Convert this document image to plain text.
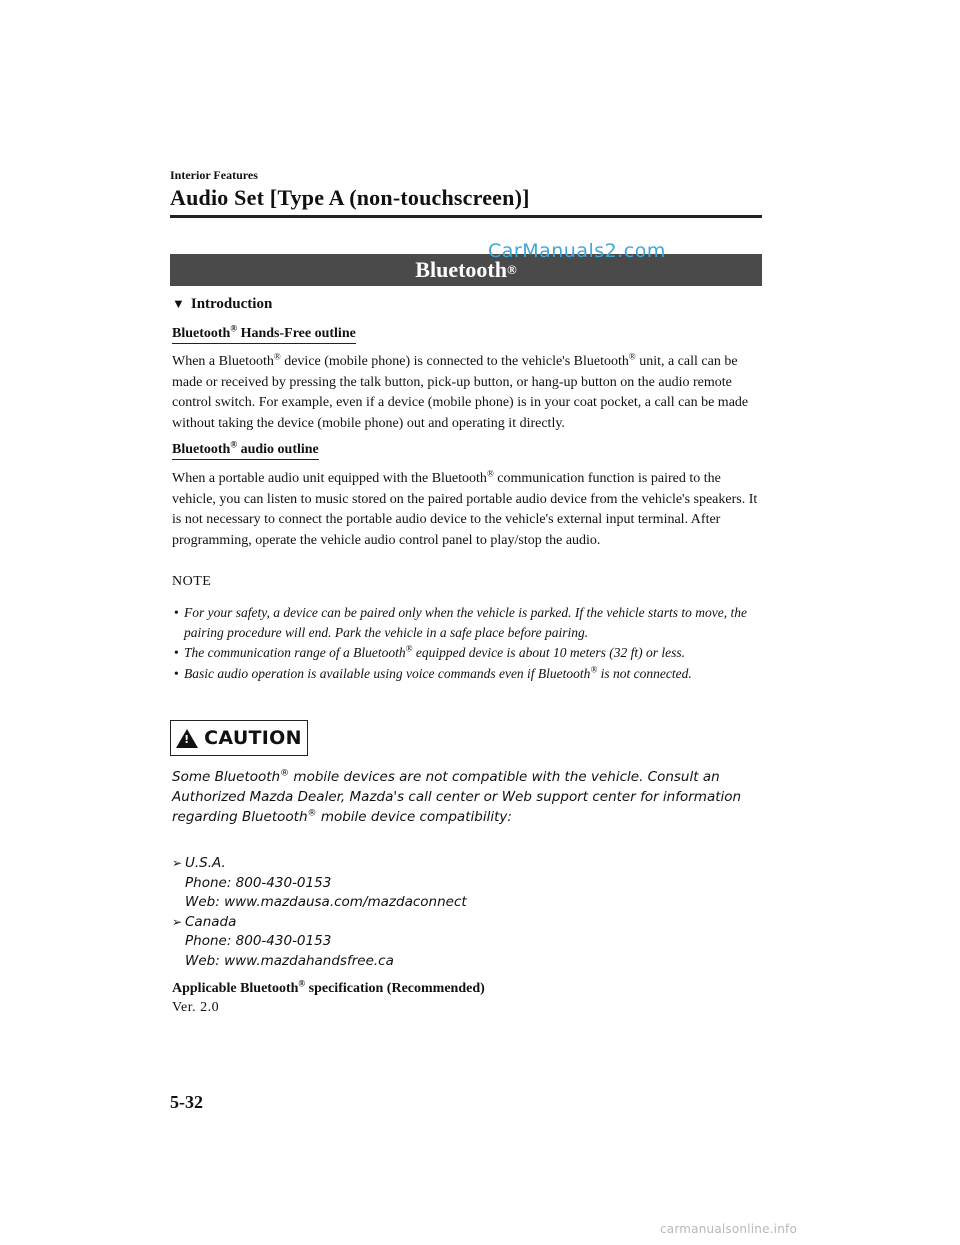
Interior Features
Audio Set [Type A (non-touchscreen)]
Bluetooth ®
CarManuals2.com
▼ Introduction
Bluetooth® Hands-Free outline
When a Bluetooth® device (mobile phone) is connected to the vehicle's Bluetooth® unit, a call can be made or received by pressing the talk button, pick-up button, or hang-up button on the audio remote control switch. For example, even if a device (mobile phone) is in your coat pocket, a call can be made without taking the device (mobile phone) out and operating it directly.
Bluetooth® audio outline
When a portable audio unit equipped with the Bluetooth® communication function is paired to the vehicle, you can listen to music stored on the paired portable audio device from the vehicle's speakers. It is not necessary to connect the portable audio device to the vehicle's external input terminal. After programming, operate the vehicle audio control panel to play/stop the audio.
NOTE
• For your safety, a device can be paired only when the vehicle is parked. If the vehicle starts to move, the pairing procedure will end. Park the vehicle in a safe place before pairing.
• The communication range of a Bluetooth® equipped device is about 10 meters (32 ft) or less.
• Basic audio operation is available using voice commands even if Bluetooth® is not connected.
! CAUTION
Some Bluetooth® mobile devices are not compatible with the vehicle. Consult an Authorized Mazda Dealer, Mazda's call center or Web support center for information regarding Bluetooth® mobile device compatibility:
➢ U.S.A.
Phone: 800-430-0153
Web: www.mazdausa.com/mazdaconnect
➢ Canada
Phone: 800-430-0153
Web: www.mazdahandsfree.ca
Applicable Bluetooth® specification (Recommended)
Ver. 2.0
5-32
carmanualsonline.info
